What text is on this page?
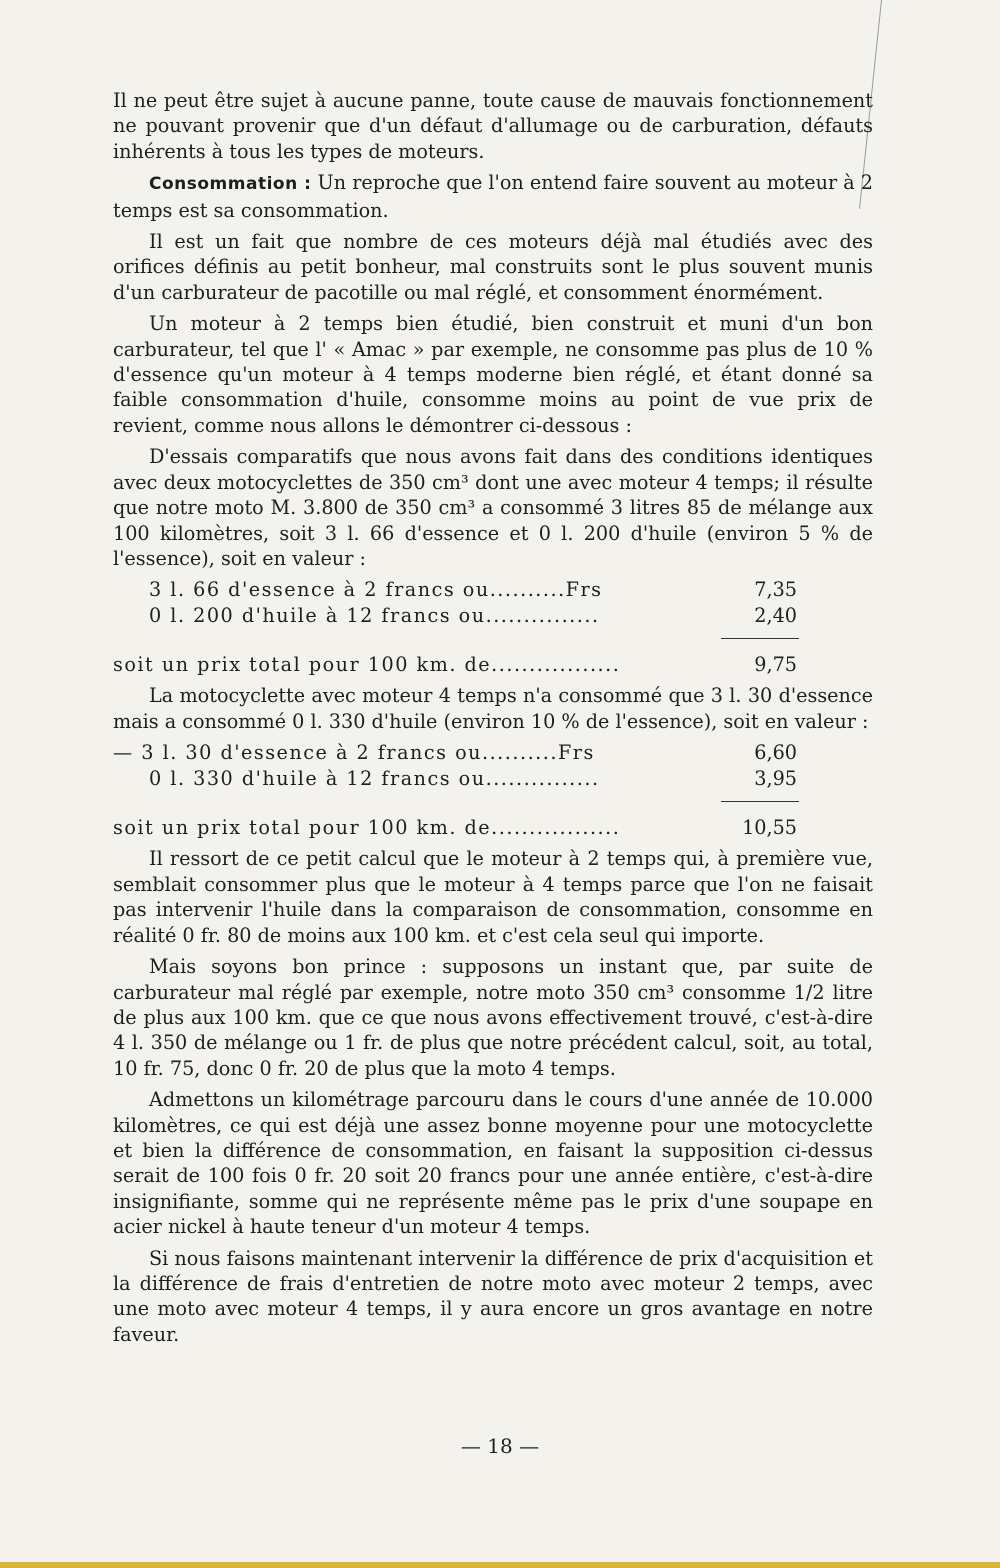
Il ne peut être sujet à aucune panne, toute cause de mauvais fonctionnement ne pouvant provenir que d'un défaut d'allumage ou de carburation, défauts inhérents à tous les types de moteurs.

Consommation : Un reproche que l'on entend faire souvent au moteur à 2 temps est sa consommation.

Il est un fait que nombre de ces moteurs déjà mal étudiés avec des orifices définis au petit bonheur, mal construits sont le plus souvent munis d'un carburateur de pacotille ou mal réglé, et consomment énormément.

Un moteur à 2 temps bien étudié, bien construit et muni d'un bon carburateur, tel que l' « Amac » par exemple, ne consomme pas plus de 10 % d'essence qu'un moteur à 4 temps moderne bien réglé, et étant donné sa faible consommation d'huile, consomme moins au point de vue prix de revient, comme nous allons le démontrer ci-dessous :

D'essais comparatifs que nous avons fait dans des conditions identiques avec deux motocyclettes de 350 cm³ dont une avec moteur 4 temps; il résulte que notre moto M. 3.800 de 350 cm³ a consommé 3 litres 85 de mélange aux 100 kilomètres, soit 3 l. 66 d'essence et 0 l. 200 d'huile (environ 5 % de l'essence), soit en valeur :

3 l. 66 d'essence à 2 francs ou..........Frs	7,35
0 l. 200 d'huile à 12 francs ou...............	2,40
soit un prix total pour 100 km. de.................	9,75

La motocyclette avec moteur 4 temps n'a consommé que 3 l. 30 d'essence mais a consommé 0 l. 330 d'huile (environ 10 % de l'essence), soit en valeur :

— 3 l. 30 d'essence à 2 francs ou..........Frs	6,60
0 l. 330 d'huile à 12 francs ou...............	3,95
soit un prix total pour 100 km. de.................	10,55

Il ressort de ce petit calcul que le moteur à 2 temps qui, à première vue, semblait consommer plus que le moteur à 4 temps parce que l'on ne faisait pas intervenir l'huile dans la comparaison de consommation, consomme en réalité 0 fr. 80 de moins aux 100 km. et c'est cela seul qui importe.

Mais soyons bon prince : supposons un instant que, par suite de carburateur mal réglé par exemple, notre moto 350 cm³ consomme 1/2 litre de plus aux 100 km. que ce que nous avons effectivement trouvé, c'est-à-dire 4 l. 350 de mélange ou 1 fr. de plus que notre précédent calcul, soit, au total, 10 fr. 75, donc 0 fr. 20 de plus que la moto 4 temps.

Admettons un kilométrage parcouru dans le cours d'une année de 10.000 kilomètres, ce qui est déjà une assez bonne moyenne pour une motocyclette et bien la différence de consommation, en faisant la supposition ci-dessus serait de 100 fois 0 fr. 20 soit 20 francs pour une année entière, c'est-à-dire insignifiante, somme qui ne représente même pas le prix d'une soupape en acier nickel à haute teneur d'un moteur 4 temps.

Si nous faisons maintenant intervenir la différence de prix d'acquisition et la différence de frais d'entretien de notre moto avec moteur 2 temps, avec une moto avec moteur 4 temps, il y aura encore un gros avantage en notre faveur.

— 18 —
